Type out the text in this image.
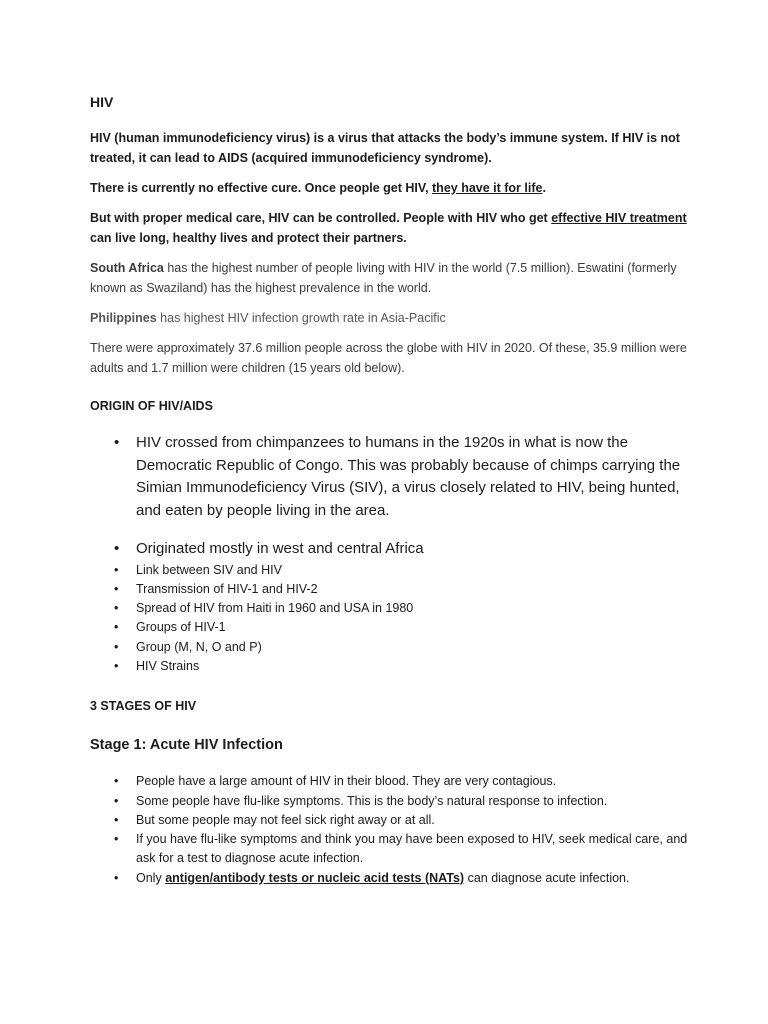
HIV

HIV (human immunodeficiency virus) is a virus that attacks the body’s immune system. If HIV is not treated, it can lead to AIDS (acquired immunodeficiency syndrome).

There is currently no effective cure. Once people get HIV, they have it for life.

But with proper medical care, HIV can be controlled. People with HIV who get effective HIV treatment can live long, healthy lives and protect their partners.

South Africa has the highest number of people living with HIV in the world (7.5 million). Eswatini (formerly known as Swaziland) has the highest prevalence in the world.

Philippines has highest HIV infection growth rate in Asia-Pacific

There were approximately 37.6 million people across the globe with HIV in 2020. Of these, 35.9 million were adults and 1.7 million were children (15 years old below).

ORIGIN OF HIV/AIDS
• HIV crossed from chimpanzees to humans in the 1920s in what is now the Democratic Republic of Congo. This was probably because of chimps carrying the Simian Immunodeficiency Virus (SIV), a virus closely related to HIV, being hunted, and eaten by people living in the area.
• Originated mostly in west and central Africa
• Link between SIV and HIV
• Transmission of HIV-1 and HIV-2
• Spread of HIV from Haiti in 1960 and USA in 1980
• Groups of HIV-1
• Group (M, N, O and P)
• HIV Strains
3 STAGES OF HIV
Stage 1: Acute HIV Infection
• People have a large amount of HIV in their blood. They are very contagious.
• Some people have flu-like symptoms. This is the body’s natural response to infection.
• But some people may not feel sick right away or at all.
• If you have flu-like symptoms and think you may have been exposed to HIV, seek medical care, and ask for a test to diagnose acute infection.
• Only antigen/antibody tests or nucleic acid tests (NATs) can diagnose acute infection.
